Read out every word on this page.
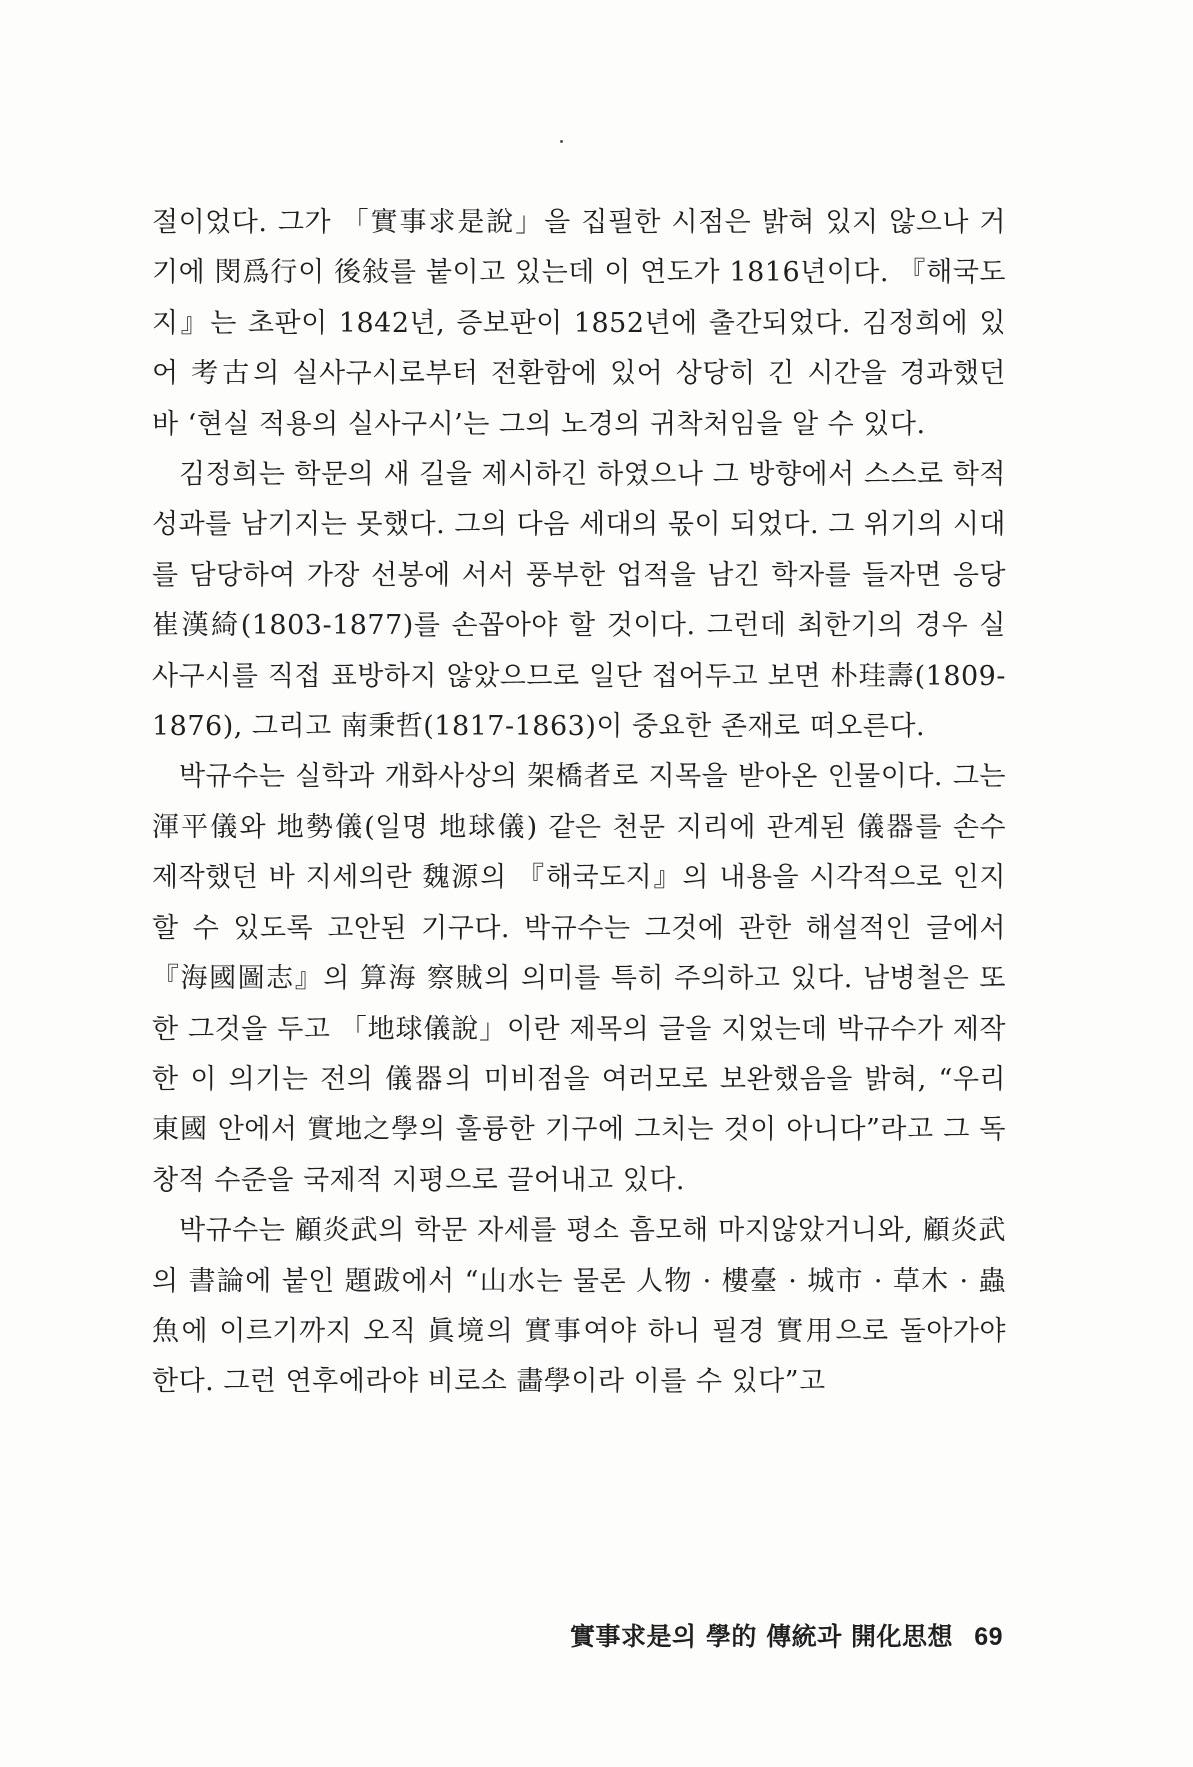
절이었다. 그가 「實事求是說」을 집필한 시점은 밝혀 있지 않으나 거기에 閔爲行이 後敍를 붙이고 있는데 이 연도가 1816년이다. 『해국도지』는 초판이 1842년, 증보판이 1852년에 출간되었다. 김정희에 있어 考古의 실사구시로부터 전환함에 있어 상당히 긴 시간을 경과했던 바 ‘현실 적용의 실사구시’는 그의 노경의 귀착처임을 알 수 있다.

김정희는 학문의 새 길을 제시하긴 하였으나 그 방향에서 스스로 학적 성과를 남기지는 못했다. 그의 다음 세대의 몫이 되었다. 그 위기의 시대를 담당하여 가장 선봉에 서서 풍부한 업적을 남긴 학자를 들자면 응당 崔漢綺(1803-1877)를 손꼽아야 할 것이다. 그런데 최한기의 경우 실사구시를 직접 표방하지 않았으므로 일단 접어두고 보면 朴珪壽(1809-1876), 그리고 南秉哲(1817-1863)이 중요한 존재로 떠오른다.

박규수는 실학과 개화사상의 架橋者로 지목을 받아온 인물이다. 그는 渾平儀와 地勢儀(일명 地球儀) 같은 천문 지리에 관계된 儀器를 손수 제작했던 바 지세의란 魏源의 『해국도지』의 내용을 시각적으로 인지할 수 있도록 고안된 기구다. 박규수는 그것에 관한 해설적인 글에서 『海國圖志』의 算海 察賊의 의미를 특히 주의하고 있다. 남병철은 또한 그것을 두고 「地球儀說」이란 제목의 글을 지었는데 박규수가 제작한 이 의기는 전의 儀器의 미비점을 여러모로 보완했음을 밝혀, “우리 東國 안에서 實地之學의 훌륭한 기구에 그치는 것이 아니다”라고 그 독창적 수준을 국제적 지평으로 끌어내고 있다.

박규수는 顧炎武의 학문 자세를 평소 흠모해 마지않았거니와, 顧炎武의 書論에 붙인 題跋에서 “山水는 물론 人物 · 樓臺 · 城市 · 草木 · 蟲魚에 이르기까지 오직 眞境의 實事여야 하니 필경 實用으로 돌아가야 한다. 그런 연후에라야 비로소 畵學이라 이를 수 있다”고

實事求是의 學的 傳統과 開化思想 69
